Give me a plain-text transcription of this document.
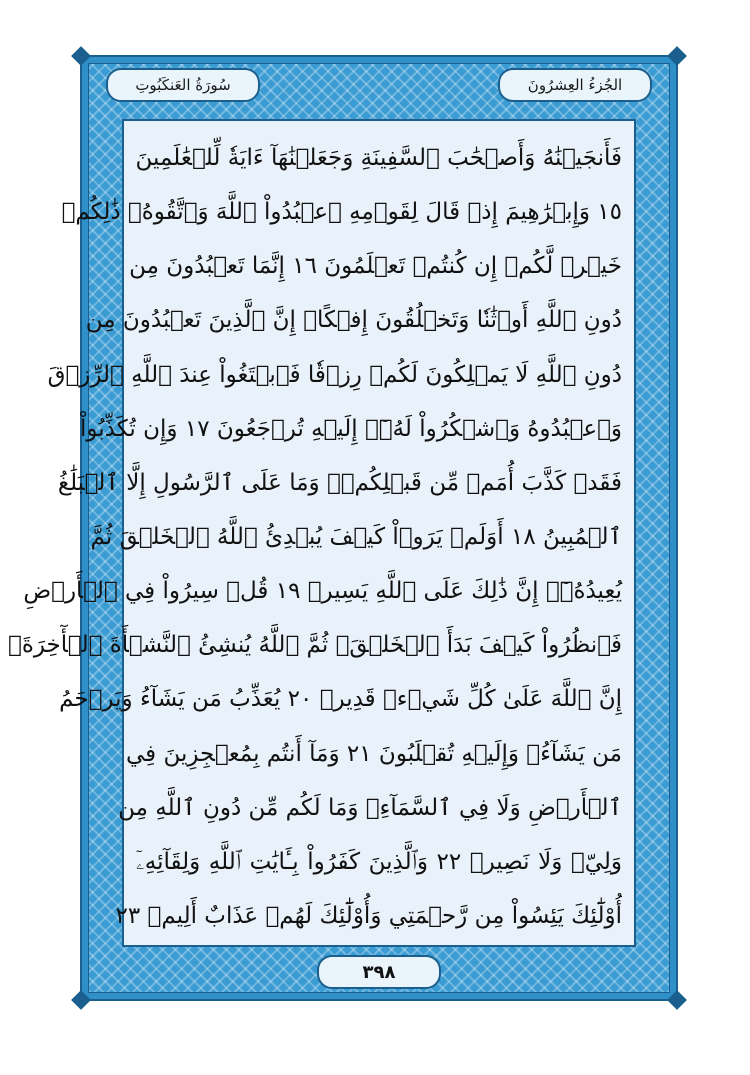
سُورَةُ العَنكَبُوتِ	الجُزءُ العِشرُونَ
فَأَنجَيۡنَٰهُ وَأَصۡحَٰبَ ٱلسَّفِينَةِ وَجَعَلۡنَٰهَآ ءَايَةٗ لِّلۡعَٰلَمِينَ
١٥ وَإِبۡرَٰهِيمَ إِذۡ قَالَ لِقَوۡمِهِ ٱعۡبُدُواْ ٱللَّهَ وَٱتَّقُوهُۖ ذَٰلِكُمۡ
خَيۡرٞ لَّكُمۡ إِن كُنتُمۡ تَعۡلَمُونَ ١٦ إِنَّمَا تَعۡبُدُونَ مِن
دُونِ ٱللَّهِ أَوۡثَٰنٗا وَتَخۡلُقُونَ إِفۡكًاۚ إِنَّ ٱلَّذِينَ تَعۡبُدُونَ مِن
دُونِ ٱللَّهِ لَا يَمۡلِكُونَ لَكُمۡ رِزۡقٗا فَٱبۡتَغُواْ عِندَ ٱللَّهِ ٱلرِّزۡقَ
وَٱعۡبُدُوهُ وَٱشۡكُرُواْ لَهُۥٓۖ إِلَيۡهِ تُرۡجَعُونَ ١٧ وَإِن تُكَذِّبُواْ
فَقَدۡ كَذَّبَ أُمَمٞ مِّن قَبۡلِكُمۡۖ وَمَا عَلَى ٱلرَّسُولِ إِلَّا ٱلۡبَلَٰغُ
ٱلۡمُبِينُ ١٨ أَوَلَمۡ يَرَوۡاْ كَيۡفَ يُبۡدِئُ ٱللَّهُ ٱلۡخَلۡقَ ثُمَّ
يُعِيدُهُۥٓۚ إِنَّ ذَٰلِكَ عَلَى ٱللَّهِ يَسِيرٞ ١٩ قُلۡ سِيرُواْ فِي ٱلۡأَرۡضِ
فَٱنظُرُواْ كَيۡفَ بَدَأَ ٱلۡخَلۡقَۚ ثُمَّ ٱللَّهُ يُنشِئُ ٱلنَّشۡأَةَ ٱلۡأٓخِرَةَۚ
إِنَّ ٱللَّهَ عَلَىٰ كُلِّ شَيۡءٖ قَدِيرٞ ٢٠ يُعَذِّبُ مَن يَشَآءُ وَيَرۡحَمُ
مَن يَشَآءُۖ وَإِلَيۡهِ تُقۡلَبُونَ ٢١ وَمَآ أَنتُم بِمُعۡجِزِينَ فِي
ٱلۡأَرۡضِ وَلَا فِي ٱلسَّمَآءِۖ وَمَا لَكُم مِّن دُونِ ٱللَّهِ مِن
وَلِيّٖ وَلَا نَصِيرٖ ٢٢ وَٱلَّذِينَ كَفَرُواْ بِـَٔايَٰتِ ٱللَّهِ وَلِقَآئِهِۦٓ
أُوْلَٰٓئِكَ يَئِسُواْ مِن رَّحۡمَتِي وَأُوْلَٰٓئِكَ لَهُمۡ عَذَابٌ أَلِيمٞ ٢٣
٣٩٨
